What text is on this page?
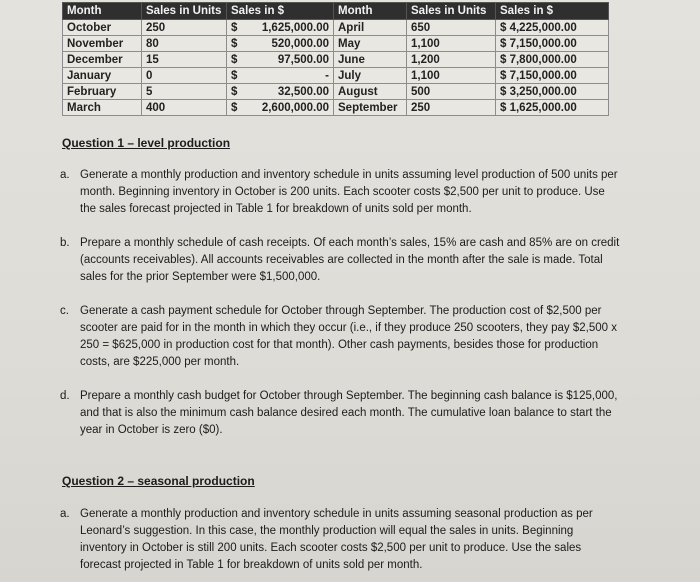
Month	Sales in Units	Sales in $	Month	Sales in Units	Sales in $
October	250	$ 1,625,000.00	April	650	$ 4,225,000.00
November	80	$ 520,000.00	May	1,100	$ 7,150,000.00
December	15	$ 97,500.00	June	1,200	$ 7,800,000.00
January	0	$ -	July	1,100	$ 7,150,000.00
February	5	$ 32,500.00	August	500	$ 3,250,000.00
March	400	$ 2,600,000.00	September	250	$ 1,625,000.00
Question 1 – level production
a. Generate a monthly production and inventory schedule in units assuming level production of 500 units per month. Beginning inventory in October is 200 units. Each scooter costs $2,500 per unit to produce. Use the sales forecast projected in Table 1 for breakdown of units sold per month.
b. Prepare a monthly schedule of cash receipts. Of each month’s sales, 15% are cash and 85% are on credit (accounts receivables). All accounts receivables are collected in the month after the sale is made. Total sales for the prior September were $1,500,000.
c. Generate a cash payment schedule for October through September. The production cost of $2,500 per scooter are paid for in the month in which they occur (i.e., if they produce 250 scooters, they pay $2,500 x 250 = $625,000 in production cost for that month). Other cash payments, besides those for production costs, are $225,000 per month.
d. Prepare a monthly cash budget for October through September. The beginning cash balance is $125,000, and that is also the minimum cash balance desired each month. The cumulative loan balance to start the year in October is zero ($0).
Question 2 – seasonal production
a. Generate a monthly production and inventory schedule in units assuming seasonal production as per Leonard’s suggestion. In this case, the monthly production will equal the sales in units. Beginning inventory in October is still 200 units. Each scooter costs $2,500 per unit to produce. Use the sales forecast projected in Table 1 for breakdown of units sold per month.
